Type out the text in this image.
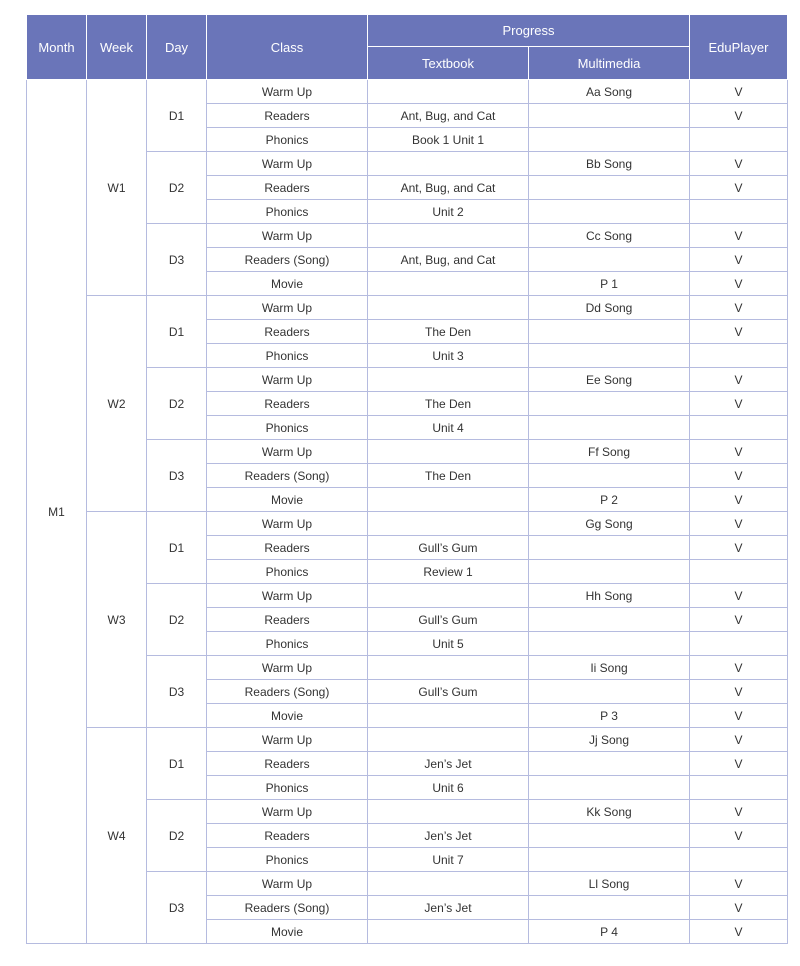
Month	Week	Day	Class	Progress		EduPlayer
				Textbook	Multimedia	
M1	W1	D1	Warm Up		Aa Song	V
			Readers	Ant, Bug, and Cat		V
			Phonics	Book 1 Unit 1		
		D2	Warm Up		Bb Song	V
			Readers	Ant, Bug, and Cat		V
			Phonics	Unit 2		
		D3	Warm Up		Cc Song	V
			Readers (Song)	Ant, Bug, and Cat		V
			Movie		P 1	V
	W2	D1	Warm Up		Dd Song	V
			Readers	The Den		V
			Phonics	Unit 3		
		D2	Warm Up		Ee Song	V
			Readers	The Den		V
			Phonics	Unit 4		
		D3	Warm Up		Ff Song	V
			Readers (Song)	The Den		V
			Movie		P 2	V
	W3	D1	Warm Up		Gg Song	V
			Readers	Gull’s Gum		V
			Phonics	Review 1		
		D2	Warm Up		Hh Song	V
			Readers	Gull’s Gum		V
			Phonics	Unit 5		
		D3	Warm Up		Ii Song	V
			Readers (Song)	Gull’s Gum		V
			Movie		P 3	V
	W4	D1	Warm Up		Jj Song	V
			Readers	Jen’s Jet		V
			Phonics	Unit 6		
		D2	Warm Up		Kk Song	V
			Readers	Jen’s Jet		V
			Phonics	Unit 7		
		D3	Warm Up		Ll Song	V
			Readers (Song)	Jen’s Jet		V
			Movie		P 4	V
